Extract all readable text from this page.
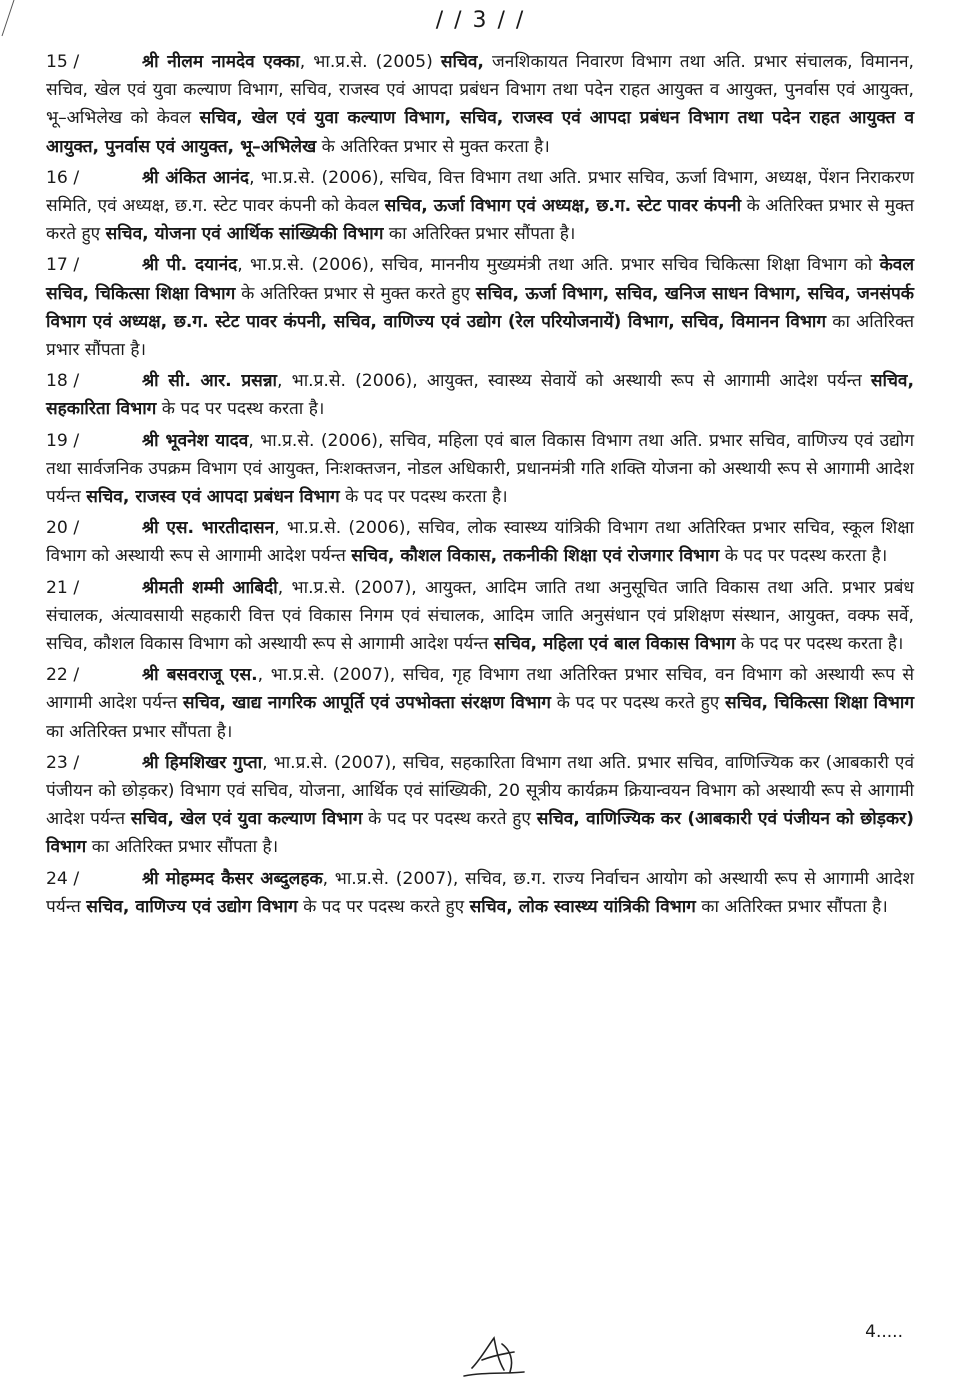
/ / 3 / /
15 /	श्री नीलम नामदेव एक्का, भा.प्र.से. (2005) सचिव, जनशिकायत निवारण विभाग तथा अति. प्रभार संचालक, विमानन, सचिव, खेल एवं युवा कल्याण विभाग, सचिव, राजस्व एवं आपदा प्रबंधन विभाग तथा पदेन राहत आयुक्त व आयुक्त, पुनर्वास एवं आयुक्त, भू–अभिलेख को केवल सचिव, खेल एवं युवा कल्याण विभाग, सचिव, राजस्व एवं आपदा प्रबंधन विभाग तथा पदेन राहत आयुक्त व आयुक्त, पुनर्वास एवं आयुक्त, भू–अभिलेख के अतिरिक्त प्रभार से मुक्त करता है।
16 /	श्री अंकित आनंद, भा.प्र.से. (2006), सचिव, वित्त विभाग तथा अति. प्रभार सचिव, ऊर्जा विभाग, अध्यक्ष, पेंशन निराकरण समिति, एवं अध्यक्ष, छ.ग. स्टेट पावर कंपनी को केवल सचिव, ऊर्जा विभाग एवं अध्यक्ष, छ.ग. स्टेट पावर कंपनी के अतिरिक्त प्रभार से मुक्त करते हुए सचिव, योजना एवं आर्थिक सांख्यिकी विभाग का अतिरिक्त प्रभार सौंपता है।
17 /	श्री पी. दयानंद, भा.प्र.से. (2006), सचिव, माननीय मुख्यमंत्री तथा अति. प्रभार सचिव चिकित्सा शिक्षा विभाग को केवल सचिव, चिकित्सा शिक्षा विभाग के अतिरिक्त प्रभार से मुक्त करते हुए सचिव, ऊर्जा विभाग, सचिव, खनिज साधन विभाग, सचिव, जनसंपर्क विभाग एवं अध्यक्ष, छ.ग. स्टेट पावर कंपनी, सचिव, वाणिज्य एवं उद्योग (रेल परियोजनायें) विभाग, सचिव, विमानन विभाग का अतिरिक्त प्रभार सौंपता है।
18 /	श्री सी. आर. प्रसन्ना, भा.प्र.से. (2006), आयुक्त, स्वास्थ्य सेवायें को अस्थायी रूप से आगामी आदेश पर्यन्त सचिव, सहकारिता विभाग के पद पर पदस्थ करता है।
19 /	श्री भूवनेश यादव, भा.प्र.से. (2006), सचिव, महिला एवं बाल विकास विभाग तथा अति. प्रभार सचिव, वाणिज्य एवं उद्योग तथा सार्वजनिक उपक्रम विभाग एवं आयुक्त, निःशक्तजन, नोडल अधिकारी, प्रधानमंत्री गति शक्ति योजना को अस्थायी रूप से आगामी आदेश पर्यन्त सचिव, राजस्व एवं आपदा प्रबंधन विभाग के पद पर पदस्थ करता है।
20 /	श्री एस. भारतीदासन, भा.प्र.से. (2006), सचिव, लोक स्वास्थ्य यांत्रिकी विभाग तथा अतिरिक्त प्रभार सचिव, स्कूल शिक्षा विभाग को अस्थायी रूप से आगामी आदेश पर्यन्त सचिव, कौशल विकास, तकनीकी शिक्षा एवं रोजगार विभाग के पद पर पदस्थ करता है।
21 /	श्रीमती शम्मी आबिदी, भा.प्र.से. (2007), आयुक्त, आदिम जाति तथा अनुसूचित जाति विकास तथा अति. प्रभार प्रबंध संचालक, अंत्यावसायी सहकारी वित्त एवं विकास निगम एवं संचालक, आदिम जाति अनुसंधान एवं प्रशिक्षण संस्थान, आयुक्त, वक्फ सर्वे, सचिव, कौशल विकास विभाग को अस्थायी रूप से आगामी आदेश पर्यन्त सचिव, महिला एवं बाल विकास विभाग के पद पर पदस्थ करता है।
22 /	श्री बसवराजू एस., भा.प्र.से. (2007), सचिव, गृह विभाग तथा अतिरिक्त प्रभार सचिव, वन विभाग को अस्थायी रूप से आगामी आदेश पर्यन्त सचिव, खाद्य नागरिक आपूर्ति एवं उपभोक्ता संरक्षण विभाग के पद पर पदस्थ करते हुए सचिव, चिकित्सा शिक्षा विभाग का अतिरिक्त प्रभार सौंपता है।
23 /	श्री हिमशिखर गुप्ता, भा.प्र.से. (2007), सचिव, सहकारिता विभाग तथा अति. प्रभार सचिव, वाणिज्यिक कर (आबकारी एवं पंजीयन को छोड़कर) विभाग एवं सचिव, योजना, आर्थिक एवं सांख्यिकी, 20 सूत्रीय कार्यक्रम क्रियान्वयन विभाग को अस्थायी रूप से आगामी आदेश पर्यन्त सचिव, खेल एवं युवा कल्याण विभाग के पद पर पदस्थ करते हुए सचिव, वाणिज्यिक कर (आबकारी एवं पंजीयन को छोड़कर) विभाग का अतिरिक्त प्रभार सौंपता है।
24 /	श्री मोहम्मद कैसर अब्दुलहक, भा.प्र.से. (2007), सचिव, छ.ग. राज्य निर्वाचन आयोग को अस्थायी रूप से आगामी आदेश पर्यन्त सचिव, वाणिज्य एवं उद्योग विभाग के पद पर पदस्थ करते हुए सचिव, लोक स्वास्थ्य यांत्रिकी विभाग का अतिरिक्त प्रभार सौंपता है।
4.....
